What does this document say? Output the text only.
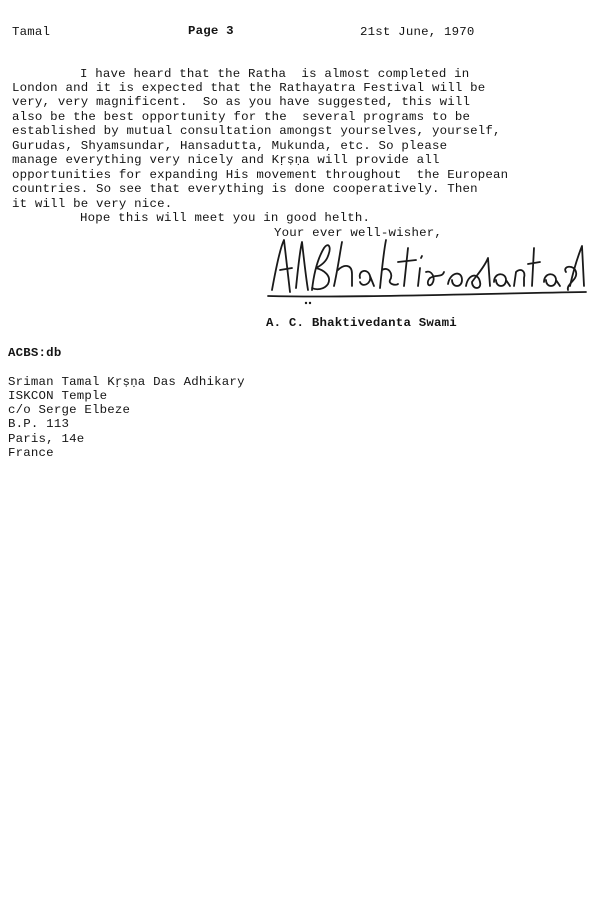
Tamal	Page 3	21st June, 1970
I have heard that the Ratha  is almost completed in
London and it is expected that the Rathayatra Festival will be
very, very magnificent.  So as you have suggested, this will
also be the best opportunity for the  several programs to be
established by mutual consultation amongst yourselves, yourself,
Gurudas, Shyamsundar, Hansadutta, Mukunda, etc. So please
manage everything very nicely and Kṛṣṇa will provide all
opportunities for expanding His movement throughout  the European
countries. So see that everything is done cooperatively. Then
it will be very nice.
Hope this will meet you in good helth.
Your ever well-wisher,
A. C. Bhaktivedanta Swami
ACBS:db
Sriman Tamal Kṛṣṇa Das Adhikary
ISKCON Temple
c/o Serge Elbeze
B.P. 113
Paris, 14e
France
